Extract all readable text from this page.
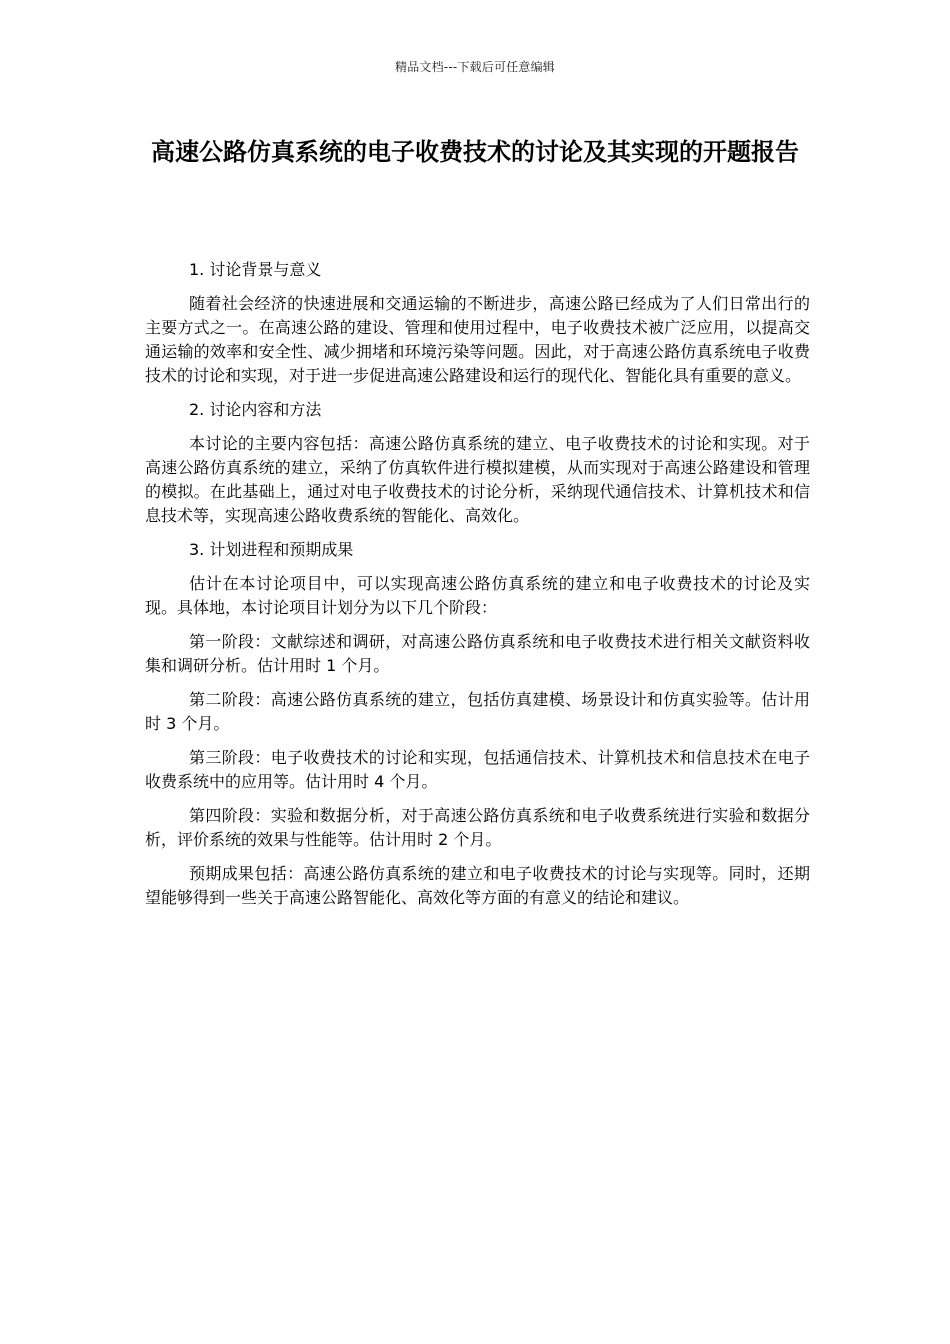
精品文档---下载后可任意编辑
高速公路仿真系统的电子收费技术的讨论及其实现的开题报告

1. 讨论背景与意义

随着社会经济的快速进展和交通运输的不断进步，高速公路已经成为了人们日常出行的主要方式之一。在高速公路的建设、管理和使用过程中，电子收费技术被广泛应用，以提高交通运输的效率和安全性、减少拥堵和环境污染等问题。因此，对于高速公路仿真系统电子收费技术的讨论和实现，对于进一步促进高速公路建设和运行的现代化、智能化具有重要的意义。

2. 讨论内容和方法

本讨论的主要内容包括：高速公路仿真系统的建立、电子收费技术的讨论和实现。对于高速公路仿真系统的建立，采纳了仿真软件进行模拟建模，从而实现对于高速公路建设和管理的模拟。在此基础上，通过对电子收费技术的讨论分析，采纳现代通信技术、计算机技术和信息技术等，实现高速公路收费系统的智能化、高效化。

3. 计划进程和预期成果

估计在本讨论项目中，可以实现高速公路仿真系统的建立和电子收费技术的讨论及实现。具体地，本讨论项目计划分为以下几个阶段：

第一阶段：文献综述和调研，对高速公路仿真系统和电子收费技术进行相关文献资料收集和调研分析。估计用时 1 个月。

第二阶段：高速公路仿真系统的建立，包括仿真建模、场景设计和仿真实验等。估计用时 3 个月。

第三阶段：电子收费技术的讨论和实现，包括通信技术、计算机技术和信息技术在电子收费系统中的应用等。估计用时 4 个月。

第四阶段：实验和数据分析，对于高速公路仿真系统和电子收费系统进行实验和数据分析，评价系统的效果与性能等。估计用时 2 个月。

预期成果包括：高速公路仿真系统的建立和电子收费技术的讨论与实现等。同时，还期望能够得到一些关于高速公路智能化、高效化等方面的有意义的结论和建议。
